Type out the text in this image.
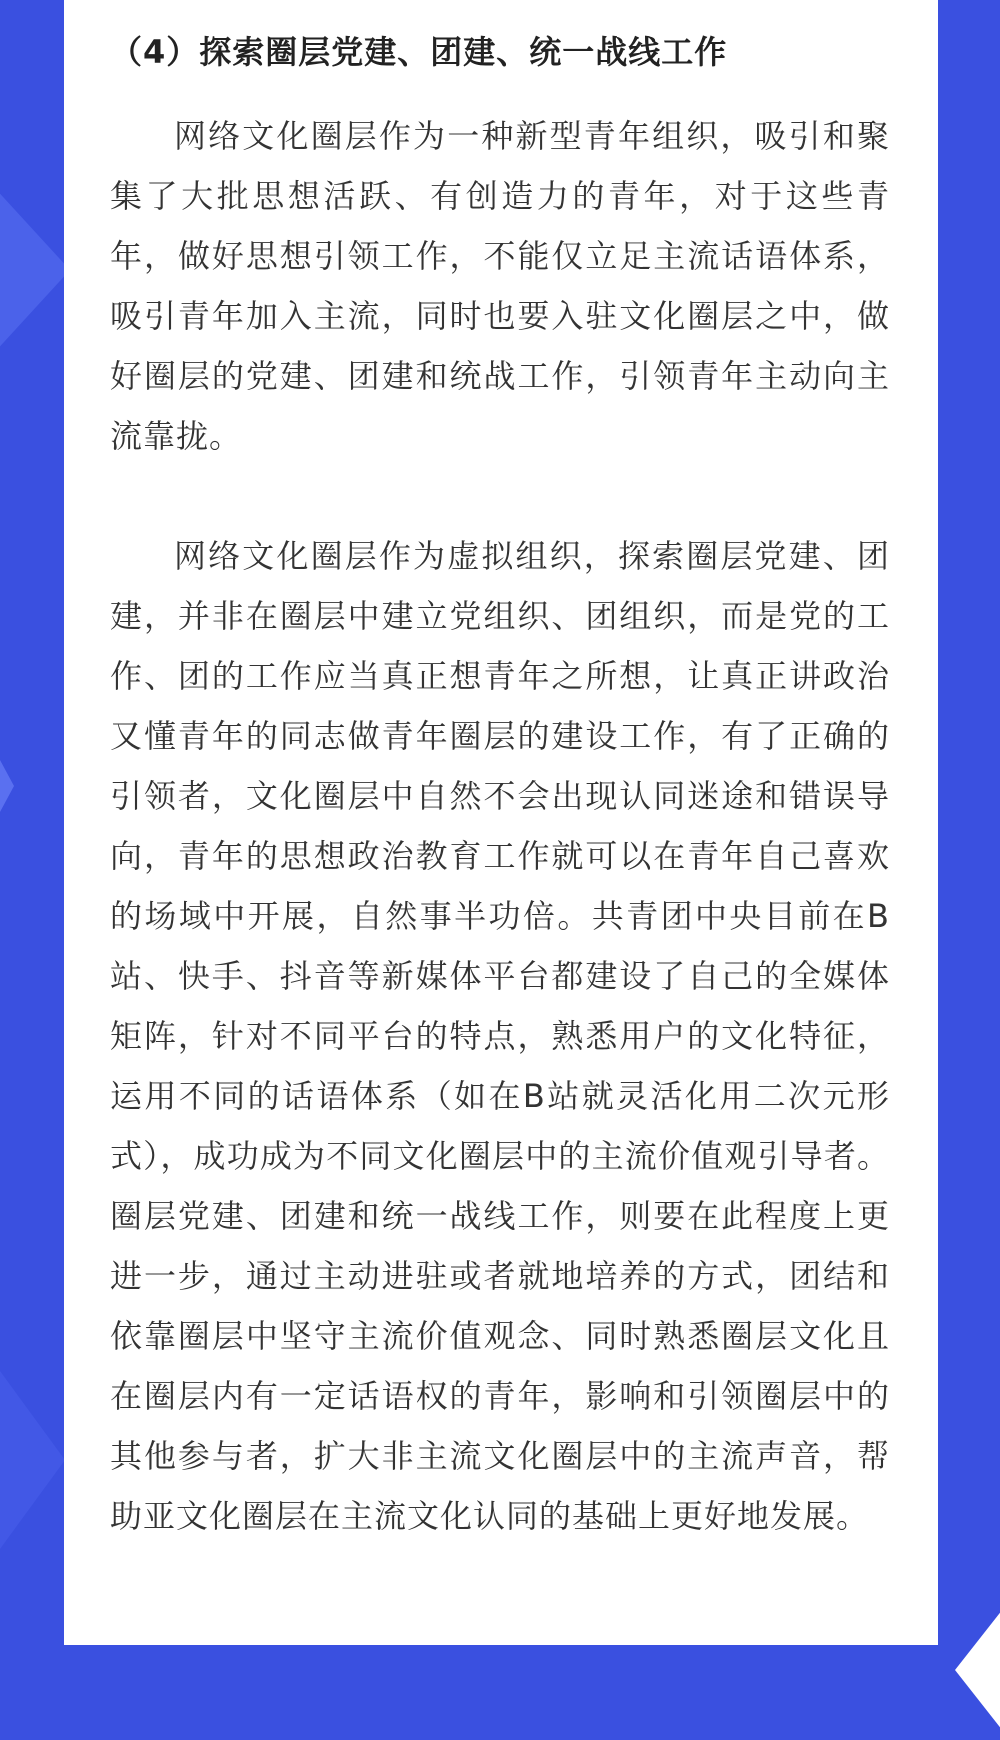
（4）探索圈层党建、团建、统一战线工作

网络文化圈层作为一种新型青年组织，吸引和聚集了大批思想活跃、有创造力的青年，对于这些青年，做好思想引领工作，不能仅立足主流话语体系，吸引青年加入主流，同时也要入驻文化圈层之中，做好圈层的党建、团建和统战工作，引领青年主动向主流靠拢。

网络文化圈层作为虚拟组织，探索圈层党建、团建，并非在圈层中建立党组织、团组织，而是党的工作、团的工作应当真正想青年之所想，让真正讲政治又懂青年的同志做青年圈层的建设工作，有了正确的引领者，文化圈层中自然不会出现认同迷途和错误导向，青年的思想政治教育工作就可以在青年自己喜欢的场域中开展，自然事半功倍。共青团中央目前在B站、快手、抖音等新媒体平台都建设了自己的全媒体矩阵，针对不同平台的特点，熟悉用户的文化特征，运用不同的话语体系（如在B站就灵活化用二次元形式），成功成为不同文化圈层中的主流价值观引导者。圈层党建、团建和统一战线工作，则要在此程度上更进一步，通过主动进驻或者就地培养的方式，团结和依靠圈层中坚守主流价值观念、同时熟悉圈层文化且在圈层内有一定话语权的青年，影响和引领圈层中的其他参与者，扩大非主流文化圈层中的主流声音，帮助亚文化圈层在主流文化认同的基础上更好地发展。
